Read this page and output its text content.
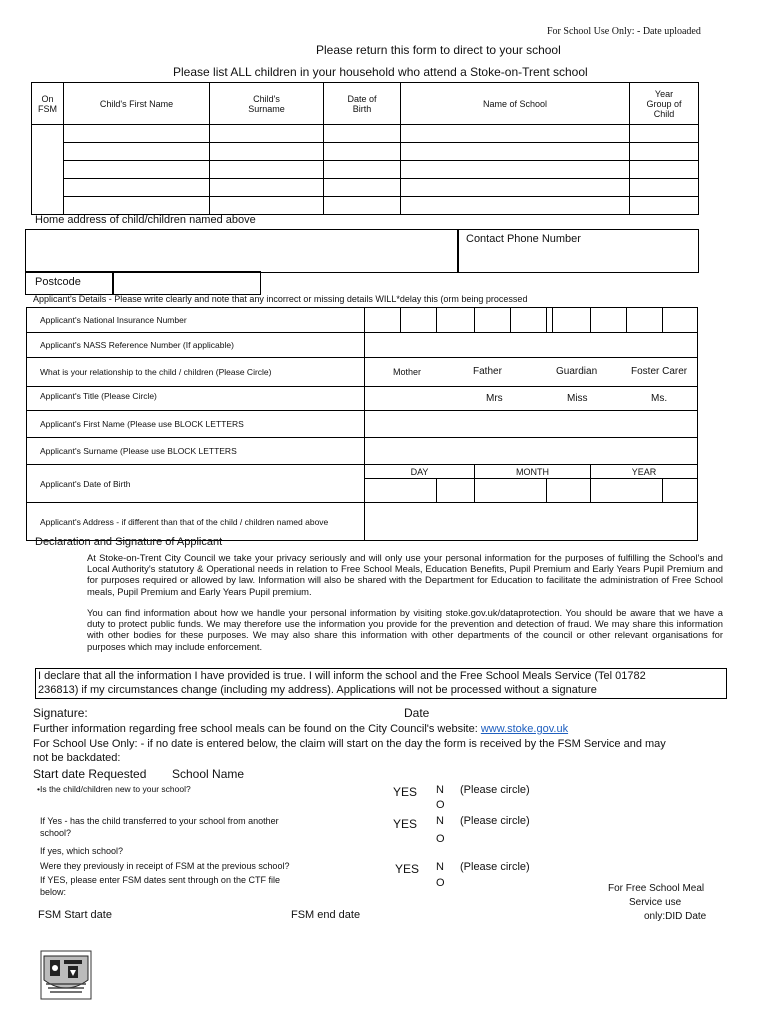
For School Use Only: - Date uploaded
Please return this form to direct to your school
Please list ALL children in your household who attend a Stoke-on-Trent school
On FSM	Child's First Name	Child's Surname	Date of Birth	Name of School	Year Group of Child

Home address of child/children named above
Contact Phone Number
Postcode
Applicant's Details - Please write clearly and note that any incorrect or missing details WILL*delay this (orm being processed
Applicant's National Insurance Number										
Applicant's NASS Reference Number (If applicable)										
What is your relationship to the child / children (Please Circle)	Mother Father Guardian Foster Carer									

Applicant's Title (Please Circle)	Mrs Miss Ms.									

Applicant's First Name (Please use BLOCK LETTERS										
Applicant's Surname (Please use BLOCK LETTERS										
Applicant's Date of Birth	DAY			MONTH				YEAR		

Applicant's Address - if different than that of the child / children named above										
Declaration and Signature of Applicant
At Stoke-on-Trent City Council we take your privacy seriously and will only use your personal information for the purposes of fulfilling the School's and Local Authority's statutory & Operational needs in relation to Free School Meals, Education Benefits, Pupil Premium and Early Years Pupil Premium and for purposes required or allowed by law. Information will also be shared with the Department for Education to facilitate the administration of Free School meals, Pupil Premium and Early Years Pupil premium.
You can find information about how we handle your personal information by visiting stoke.gov.uk/dataprotection. You should be aware that we have a duty to protect public funds. We may therefore use the information you provide for the prevention and detection of fraud. We may share this information with other bodies for these purposes. We may also share this information with other departments of the council or other relevant organisations for purposes which may include enforcement.
I declare that all the information I have provided is true. I will inform the school and the Free School Meals Service (Tel 01782
236813) if my circumstances change (including my address). Applications will not be processed without a signature
Signature:	Date
Further information regarding free school meals can be found on the City Council's website: www.stoke.gov.uk
For School Use Only: - if no date is entered below, the claim will start on the day the form is received by the FSM Service and may
not be backdated:
Start date Requested School Name
•Is the child/children new to your school?	YES N
O
(Please circle)
If Yes - has the child transferred to your school from another
school?
YES N
O
(Please circle)
If yes, which school?
Were they previously in receipt of FSM at the previous school?
If YES, please enter FSM dates sent through on the CTF file
below:
YES N
O
(Please circle)
For Free School Meal
Service use
only:DID Date
FSM Start date	FSM end date
